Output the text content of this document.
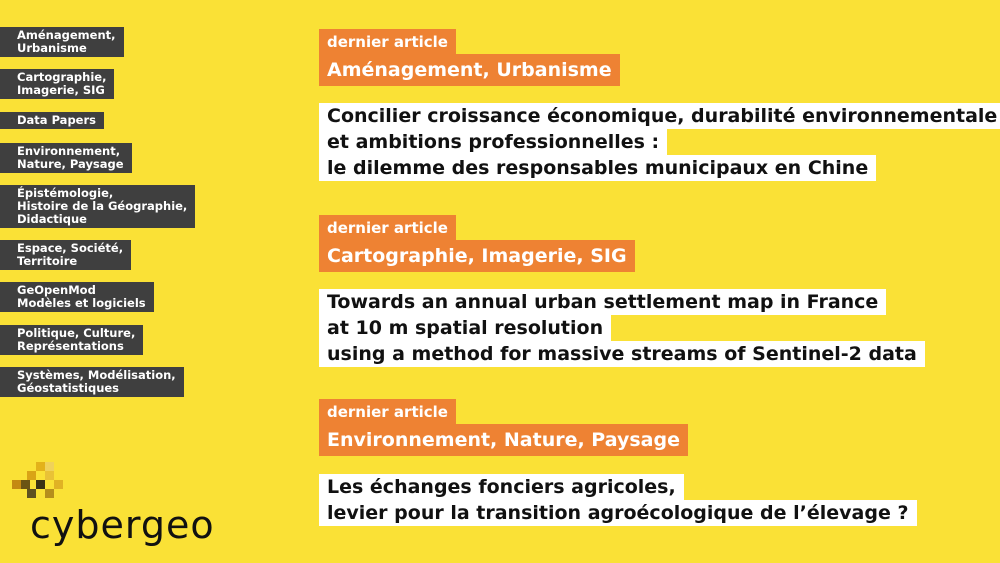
Aménagement,
Urbanisme
Cartographie,
Imagerie, SIG
Data Papers
Environnement,
Nature, Paysage
Épistémologie,
Histoire de la Géographie,
Didactique
Espace, Société,
Territoire
GeOpenMod
Modèles et logiciels
Politique, Culture,
Représentations
Systèmes, Modélisation,
Géostatistiques
dernier article
Aménagement, Urbanisme
Concilier croissance économique, durabilité environnementale
et ambitions professionnelles :
le dilemme des responsables municipaux en Chine
dernier article
Cartographie, Imagerie, SIG
Towards an annual urban settlement map in France
at 10 m spatial resolution
using a method for massive streams of Sentinel-2 data
dernier article
Environnement, Nature, Paysage
Les échanges fonciers agricoles,
levier pour la transition agroécologique de l’élevage ?
cybergeo
